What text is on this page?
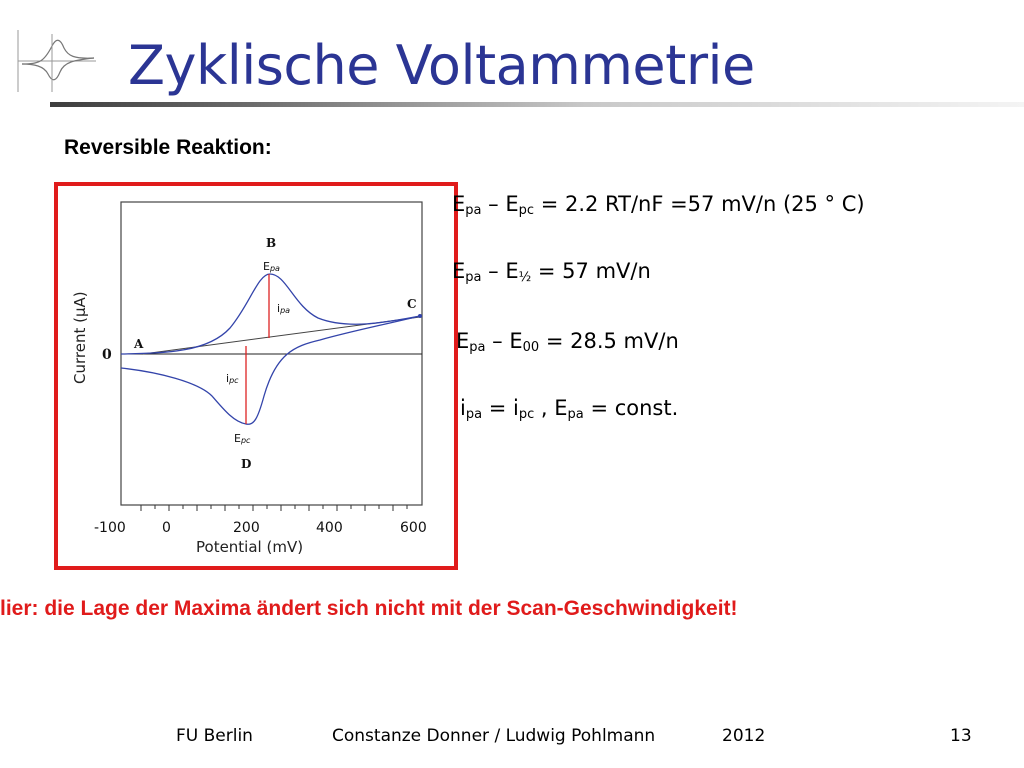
Zyklische Voltammetrie
Reversible Reaktion:
-100	0	200	400	600
Potential (mV)
Current (µA) 0
A
B
C
D
Epa
ipa
ipc
Epc
$E_{pa} - E_{pc} = 2.2$ RT/nF =57 mV/n (25 ° C)
$E_{pa} - E_{\frac{1}{2}} = 57$ mV/n
$E_{pa} - E_{00} = 28.5$ mV/n
$i_{pa} = i_{pc}$ , $E_{pa}$ = const.
lier: die Lage der Maxima ändert sich nicht mit der Scan-Geschwindigkeit!
FU Berlin	Constanze Donner / Ludwig Pohlmann	2012	13
